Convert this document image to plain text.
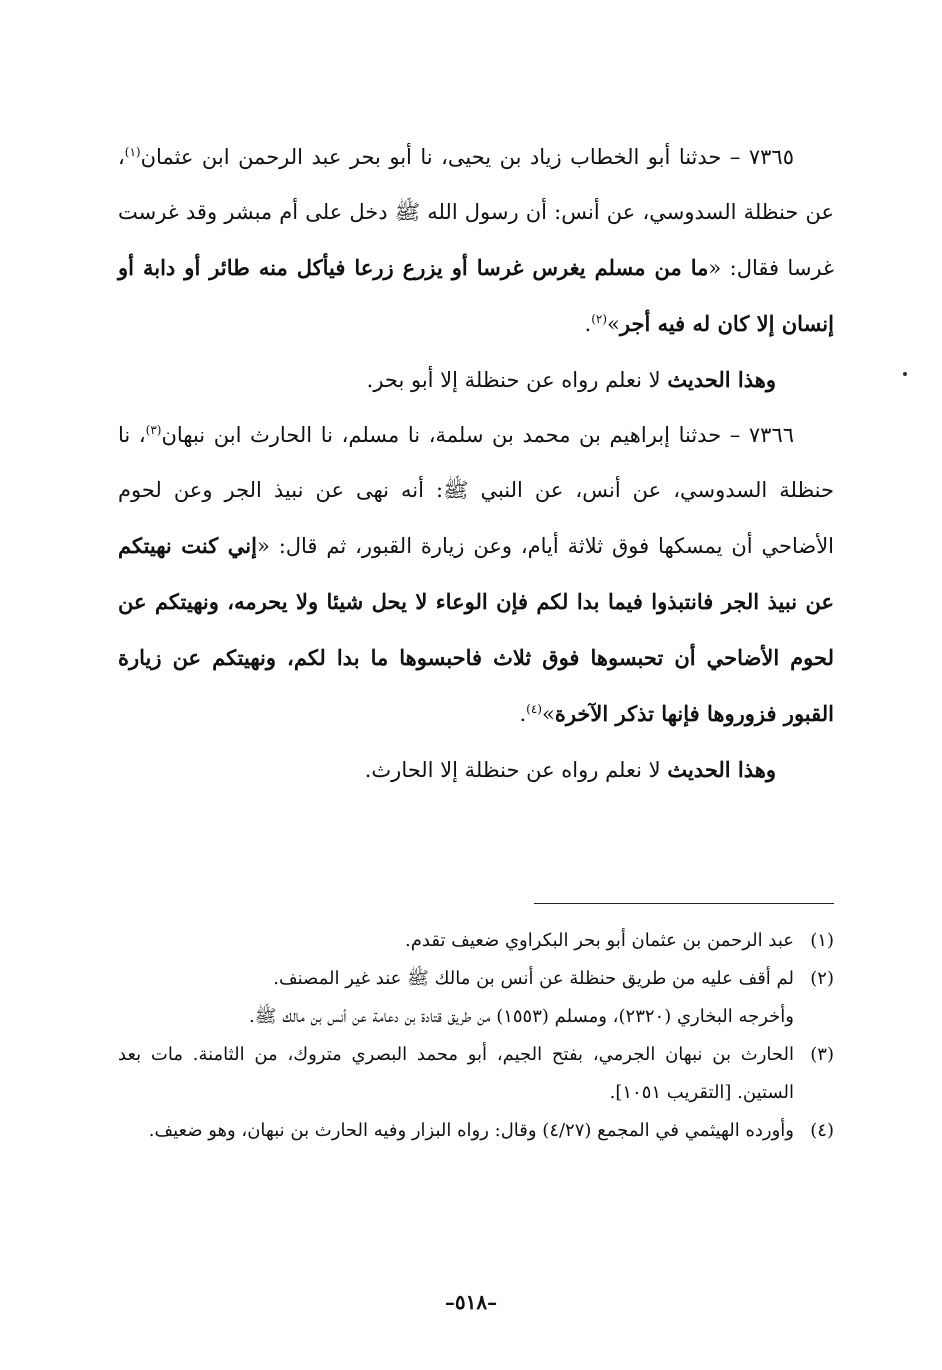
٧٣٦٥ – حدثنا أبو الخطاب زياد بن يحيى، نا أبو بحر عبد الرحمن ابن عثمان$^{(١)}$، عن حنظلة السدوسي، عن أنس: أن رسول الله ﷺ دخل على أم مبشر وقد غرست غرسا فقال: «ما من مسلم يغرس غرسا أو يزرع زرعا فيأكل منه طائر أو دابة أو إنسان إلا كان له فيه أجر»$^{(٢)}$.

وهذا الحديث لا نعلم رواه عن حنظلة إلا أبو بحر.

٧٣٦٦ – حدثنا إبراهيم بن محمد بن سلمة، نا مسلم، نا الحارث ابن نبهان$^{(٣)}$، نا حنظلة السدوسي، عن أنس، عن النبي ﷺ: أنه نهى عن نبيذ الجر وعن لحوم الأضاحي أن يمسكها فوق ثلاثة أيام، وعن زيارة القبور، ثم قال: «إني كنت نهيتكم عن نبيذ الجر فانتبذوا فيما بدا لكم فإن الوعاء لا يحل شيئا ولا يحرمه، ونهيتكم عن لحوم الأضاحي أن تحبسوها فوق ثلاث فاحبسوها ما بدا لكم، ونهيتكم عن زيارة القبور فزوروها فإنها تذكر الآخرة»$^{(٤)}$.

وهذا الحديث لا نعلم رواه عن حنظلة إلا الحارث.

(١)
عبد الرحمن بن عثمان أبو بحر البكراوي ضعيف تقدم.

(٢)
لم أقف عليه من طريق حنظلة عن أنس بن مالك ﷺ عند غير المصنف.
وأخرجه البخاري (٢٣٢٠)، ومسلم (١٥٥٣) من طريق قتادة بن دعامة عن أنس بن مالك ﷺ.

(٣)
الحارث بن نبهان الجرمي، بفتح الجيم، أبو محمد البصري متروك، من الثامنة. مات بعد الستين. [التقريب ١٠٥١].

(٤)
وأورده الهيثمي في المجمع (٤/٢٧) وقال: رواه البزار وفيه الحارث بن نبهان، وهو ضعيف.

–٥١٨–
